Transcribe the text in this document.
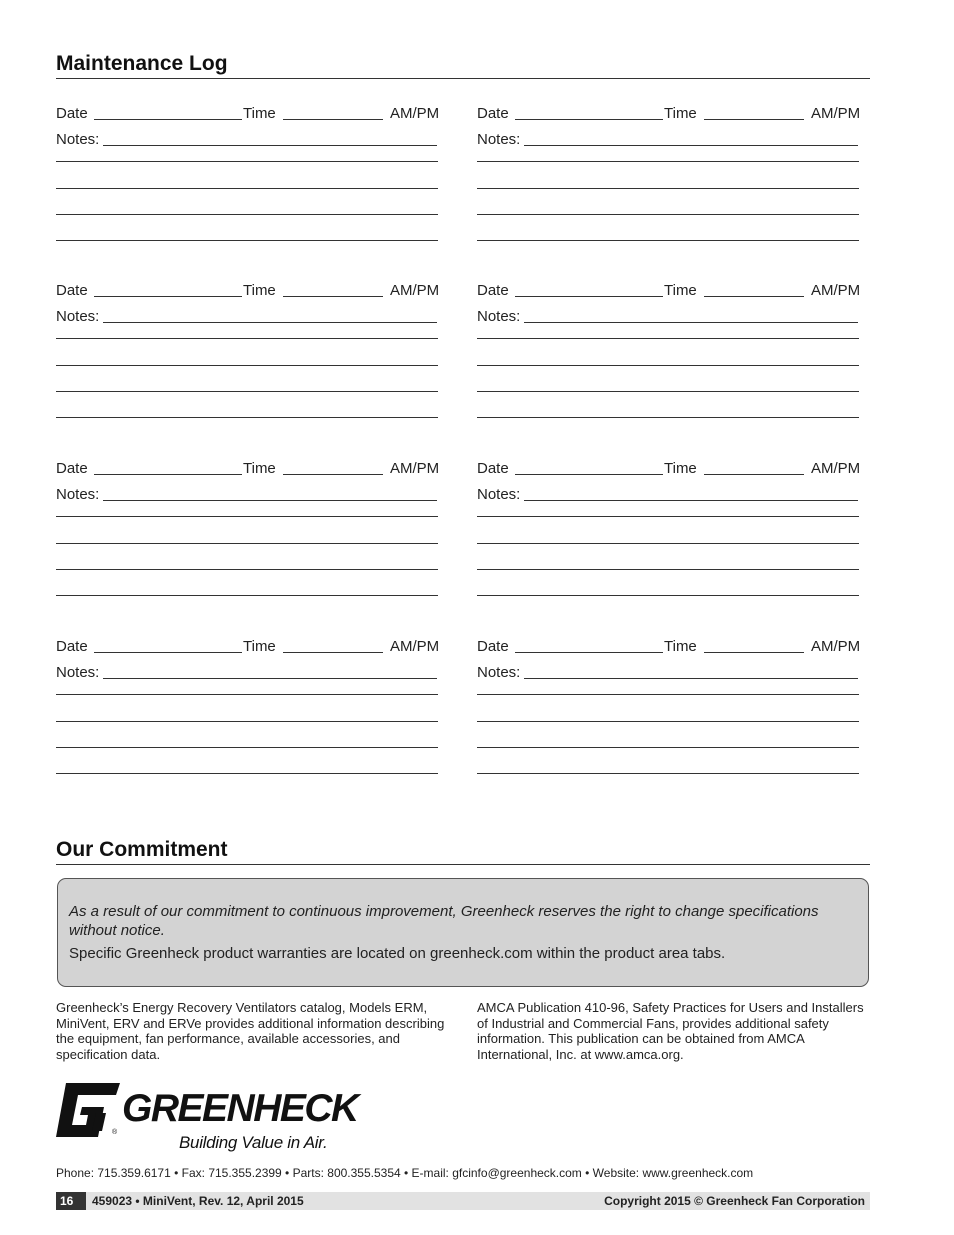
Maintenance Log
Date	Time	AM/PM
Notes:
Date	Time	AM/PM
Notes:
Date	Time	AM/PM
Notes:
Date	Time	AM/PM
Notes:
Date	Time	AM/PM
Notes:
Date	Time	AM/PM
Notes:
Date	Time	AM/PM
Notes:
Date	Time	AM/PM
Notes:
Our Commitment

As a result of our commitment to continuous improvement, Greenheck reserves the right to change specifications without notice.

Specific Greenheck product warranties are located on greenheck.com within the product area tabs.

Greenheck’s Energy Recovery Ventilators catalog, Models ERM, MiniVent, ERV and ERVe provides additional information describing the equipment, fan performance, available accessories, and specification data.
AMCA Publication 410-96, Safety Practices for Users and Installers of Industrial and Commercial Fans, provides additional safety information. This publication can be obtained from AMCA International, Inc. at www.amca.org.
®
GREENHECK
Building Value in Air.
Phone: 715.359.6171 • Fax: 715.355.2399 • Parts: 800.355.5354 • E-mail: gfcinfo@greenheck.com • Website: www.greenheck.com
16	459023 • MiniVent, Rev. 12, April 2015	Copyright 2015 © Greenheck Fan Corporation
